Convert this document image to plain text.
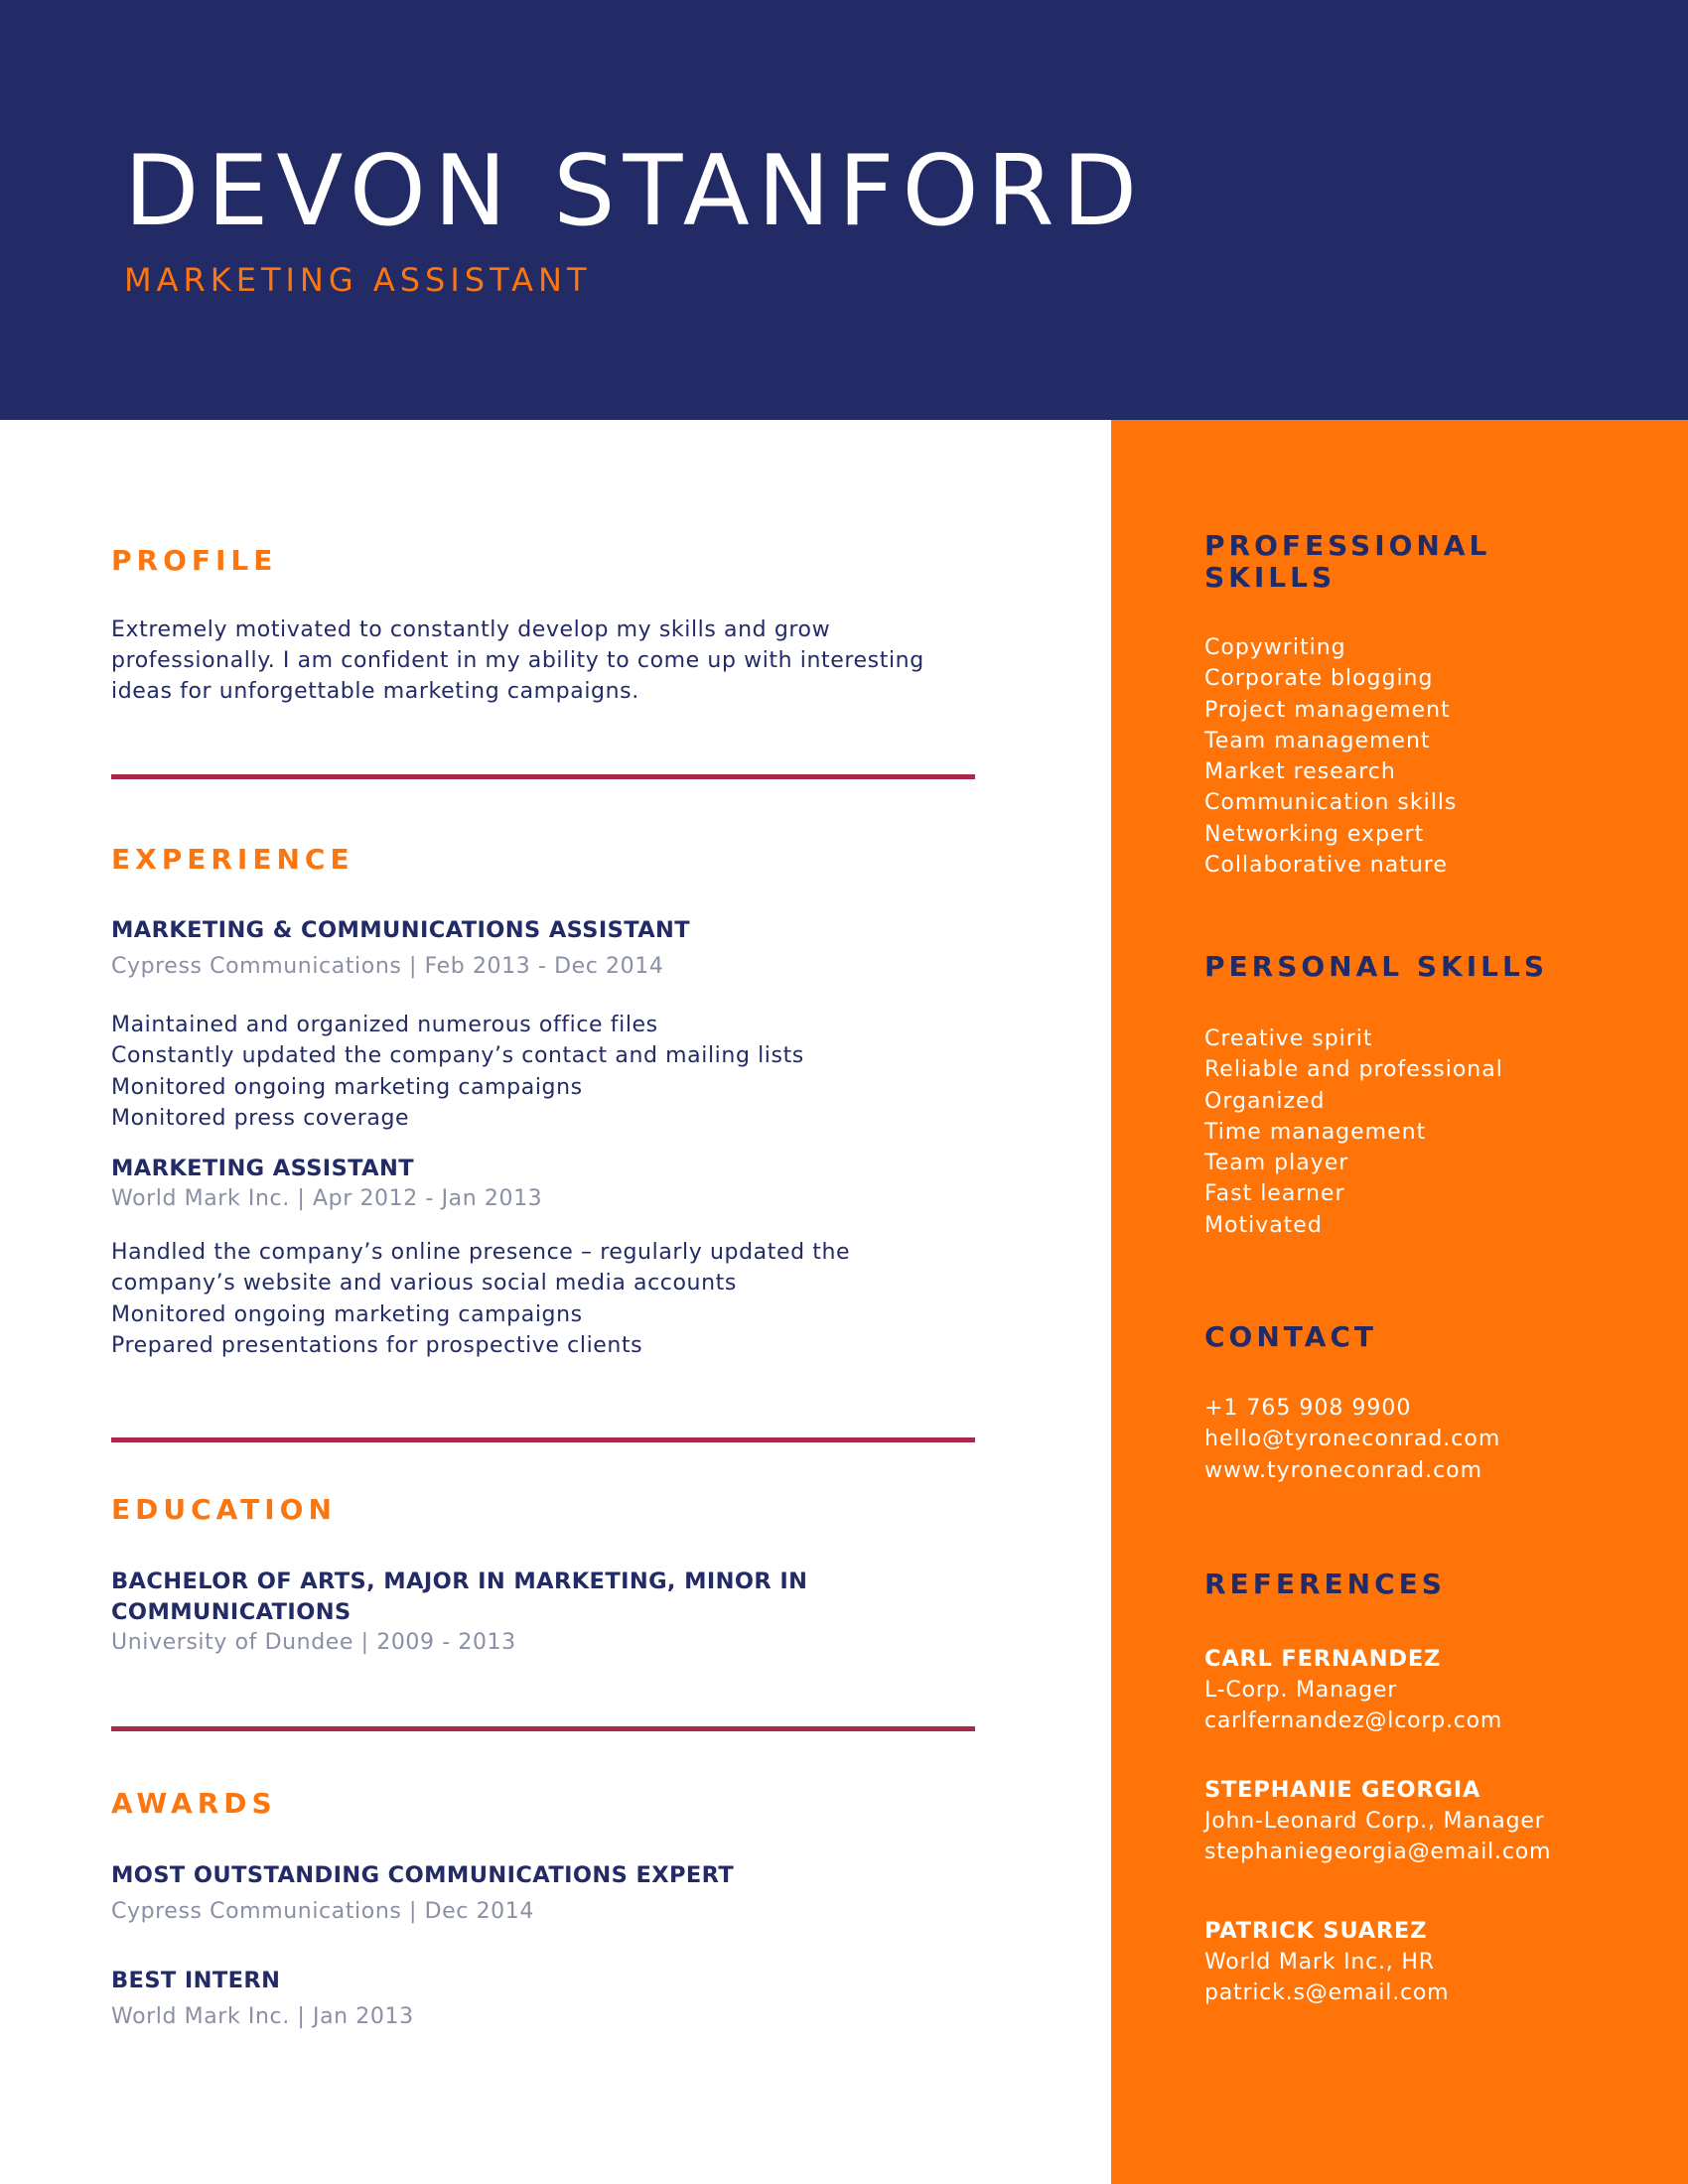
DEVON STANFORD
MARKETING ASSISTANT
PROFILE

Extremely motivated to constantly develop my skills and grow professionally. I am confident in my ability to come up with interesting ideas for unforgettable marketing campaigns.

EXPERIENCE
MARKETING & COMMUNICATIONS ASSISTANT
Cypress Communications | Feb 2013 - Dec 2014
Maintained and organized numerous office files
Constantly updated the company’s contact and mailing lists
Monitored ongoing marketing campaigns
Monitored press coverage
MARKETING ASSISTANT
World Mark Inc. | Apr 2012 - Jan 2013
Handled the company’s online presence – regularly updated the company’s website and various social media accounts
Monitored ongoing marketing campaigns
Prepared presentations for prospective clients
EDUCATION
BACHELOR OF ARTS, MAJOR IN MARKETING, MINOR IN COMMUNICATIONS
University of Dundee | 2009 - 2013
AWARDS
MOST OUTSTANDING COMMUNICATIONS EXPERT
Cypress Communications | Dec 2014
BEST INTERN
World Mark Inc. | Jan 2013
PROFESSIONAL SKILLS
Copywriting
Corporate blogging
Project management
Team management
Market research
Communication skills
Networking expert
Collaborative nature
PERSONAL SKILLS
Creative spirit
Reliable and professional
Organized
Time management
Team player
Fast learner
Motivated
CONTACT
+1 765 908 9900
hello@tyroneconrad.com
www.tyroneconrad.com
REFERENCES
CARL FERNANDEZ
L-Corp. Manager
carlfernandez@lcorp.com
STEPHANIE GEORGIA
John-Leonard Corp., Manager
stephaniegeorgia@email.com
PATRICK SUAREZ
World Mark Inc., HR
patrick.s@email.com
